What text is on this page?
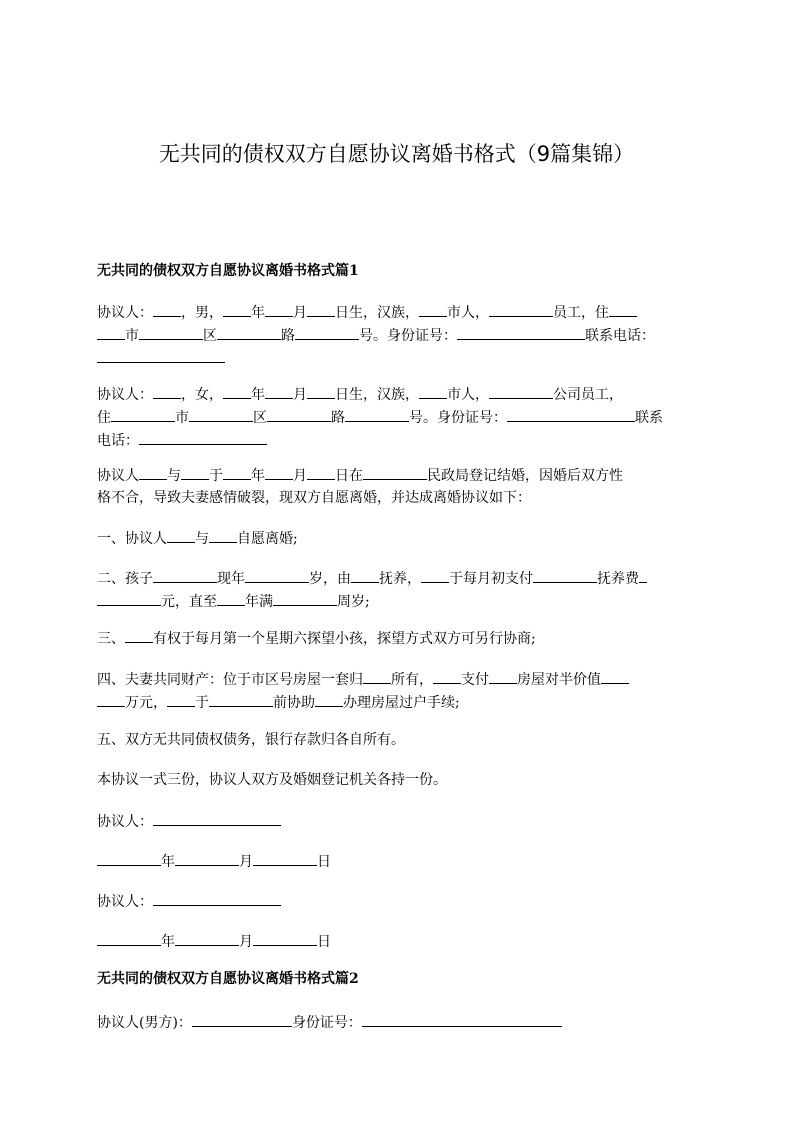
无共同的债权双方自愿协议离婚书格式（9篇集锦）
无共同的债权双方自愿协议离婚书格式篇1
协议人： ，男， 年 月 日生，汉族， 市人，	员工，住
市	区	路	号。身份证号：	联系电话：

协议人： ，女， 年 月 日生，汉族， 市人，	公司员工，
住	市	区	路	号。身份证号：	联系
电话：
协议人 与 于 年 月 日在	民政局登记结婚，因婚后双方性
格不合，导致夫妻感情破裂，现双方自愿离婚，并达成离婚协议如下：
一、协议人 与 自愿离婚;
二、孩子	现年	岁，由 抚养， 于每月初支付	抚养费
元，直至 年满	周岁;
三、 有权于每月第一个星期六探望小孩，探望方式双方可另行协商;
四、夫妻共同财产：位于市区号房屋一套归 所有， 支付 房屋对半价值
万元， 于	前协助 办理房屋过户手续;
五、双方无共同债权债务，银行存款归各自所有。
本协议一式三份，协议人双方及婚姻登记机关各持一份。
协议人：
年	月	日
协议人：
年	月	日
无共同的债权双方自愿协议离婚书格式篇2
协议人(男方)：	身份证号：
